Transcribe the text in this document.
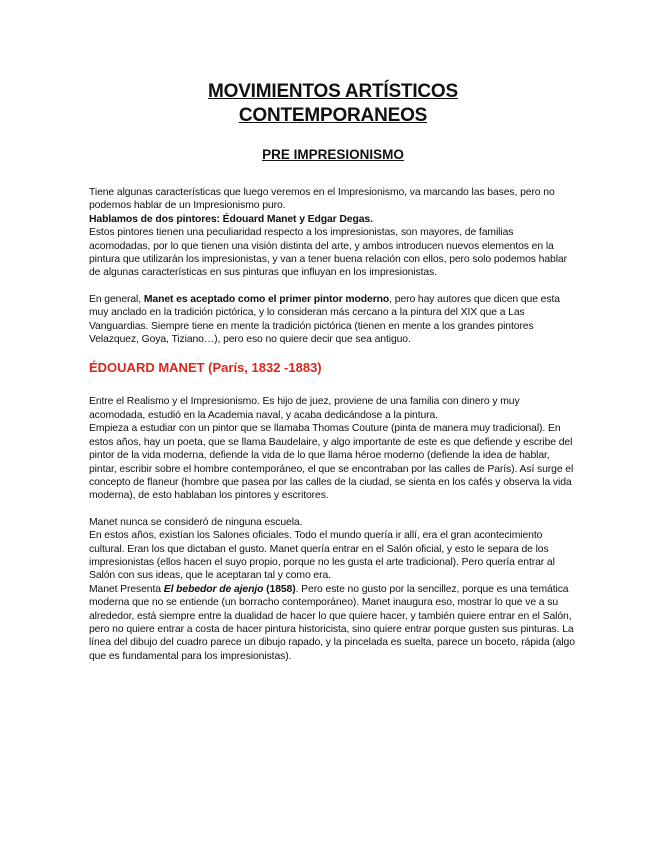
MOVIMIENTOS ARTÍSTICOS
CONTEMPORANEOS
PRE IMPRESIONISMO

Tiene algunas características que luego veremos en el Impresionismo, va marcando las bases, pero no podemos hablar de un Impresionismo puro.

Hablamos de dos pintores: Édouard Manet y Edgar Degas.

Estos pintores tienen una peculiaridad respecto a los impresionistas, son mayores, de familias acomodadas, por lo que tienen una visión distinta del arte, y ambos introducen nuevos elementos en la pintura que utilizarán los impresionistas, y van a tener buena relación con ellos, pero solo podemos hablar de algunas características en sus pinturas que influyan en los impresionistas.

En general, Manet es aceptado como el primer pintor moderno, pero hay autores que dicen que esta muy anclado en la tradición pictórica, y lo consideran más cercano a la pintura del XIX que a Las Vanguardias. Siempre tiene en mente la tradición pictórica (tienen en mente a los grandes pintores Velazquez, Goya, Tiziano…), pero eso no quiere decir que sea antiguo.

ÉDOUARD MANET (París, 1832 -1883)

Entre el Realismo y el Impresionismo. Es hijo de juez, proviene de una familia con dinero y muy acomodada, estudió en la Academia naval, y acaba dedicándose a la pintura.

Empieza a estudiar con un pintor que se llamaba Thomas Couture (pinta de manera muy tradicional). En estos años, hay un poeta, que se llama Baudelaire, y algo importante de este es que defiende y escribe del pintor de la vida moderna, defiende la vida de lo que llama héroe moderno (defiende la idea de hablar, pintar, escribir sobre el hombre contemporáneo, el que se encontraban por las calles de París). Así surge el concepto de flaneur (hombre que pasea por las calles de la ciudad, se sienta en los cafés y observa la vida moderna), de esto hablaban los pintores y escritores.

Manet nunca se consideró de ninguna escuela.

En estos años, existían los Salones oficiales. Todo el mundo quería ir allí, era el gran acontecimiento cultural. Eran los que dictaban el gusto. Manet quería entrar en el Salón oficial, y esto le separa de los impresionistas (ellos hacen el suyo propio, porque no les gusta el arte tradicional). Pero quería entrar al Salón con sus ideas, que le aceptaran tal y como era.

Manet Presenta El bebedor de ajenjo (1858). Pero este no gusto por la sencillez, porque es una temática moderna que no se entiende (un borracho contemporáneo). Manet inaugura eso, mostrar lo que ve a su alrededor, está siempre entre la dualidad de hacer lo que quiere hacer, y también quiere entrar en el Salón, pero no quiere entrar a costa de hacer pintura historicista, sino quiere entrar porque gusten sus pinturas. La línea del dibujo del cuadro parece un dibujo rapado, y la pincelada es suelta, parece un boceto, rápida (algo que es fundamental para los impresionistas).
